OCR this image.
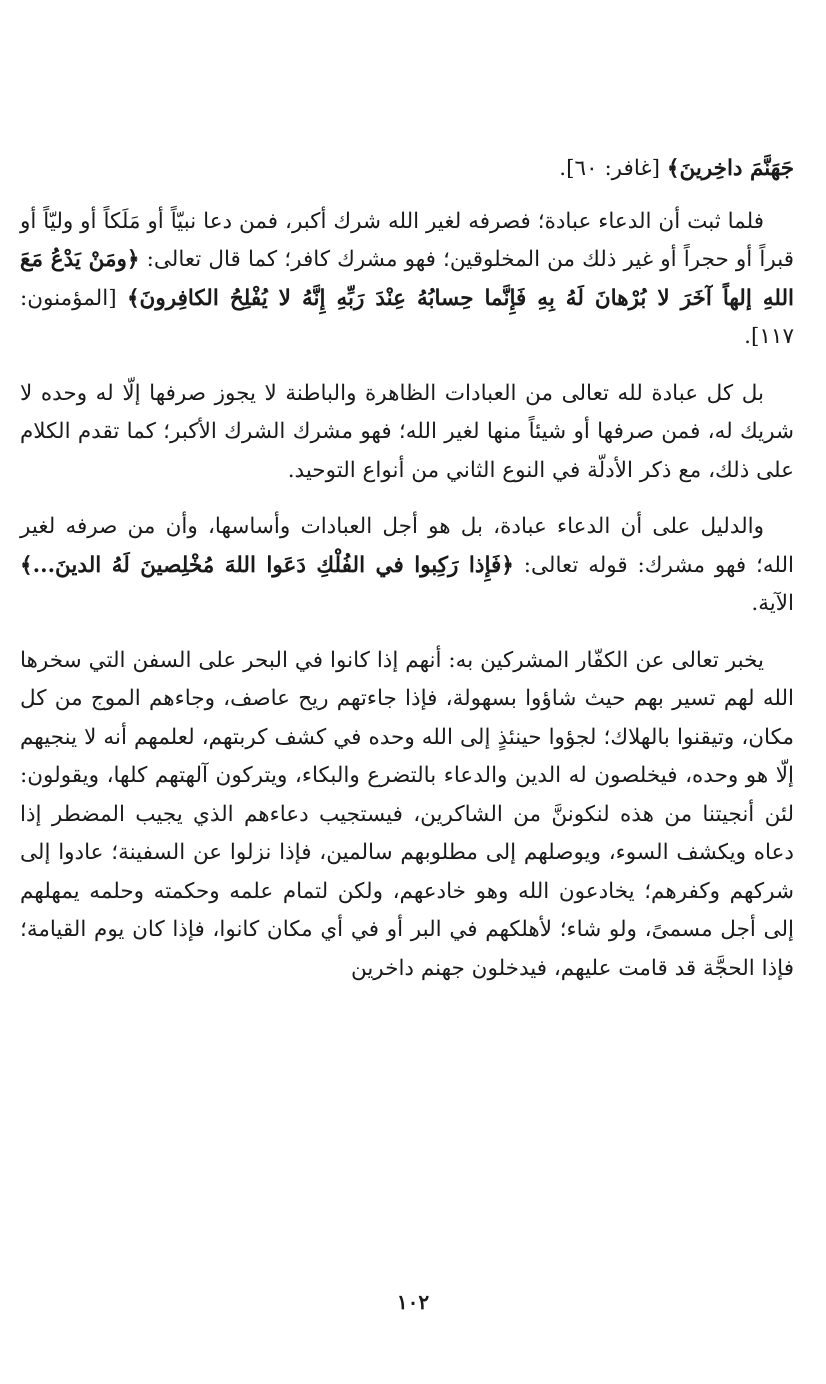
جَهَنَّمَ داخِرينَ﴾ [غافر: ٦٠].

فلما ثبت أن الدعاء عبادة؛ فصرفه لغير الله شرك أكبر، فمن دعا نبيّاً أو مَلَكاً أو وليّاً أو قبراً أو حجراً أو غير ذلك من المخلوقين؛ فهو مشرك كافر؛ كما قال تعالى: ﴿ومَنْ يَدْعُ مَعَ اللهِ إلهاً آخَرَ لا بُرْهانَ لَهُ بِهِ فَإِنَّما حِسابُهُ عِنْدَ رَبِّهِ إِنَّهُ لا يُفْلِحُ الكافِرونَ﴾ [المؤمنون: ١١٧].

بل كل عبادة لله تعالى من العبادات الظاهرة والباطنة لا يجوز صرفها إلّا له وحده لا شريك له، فمن صرفها أو شيئاً منها لغير الله؛ فهو مشرك الشرك الأكبر؛ كما تقدم الكلام على ذلك، مع ذكر الأدلّة في النوع الثاني من أنواع التوحيد.

والدليل على أن الدعاء عبادة، بل هو أجل العبادات وأساسها، وأن من صرفه لغير الله؛ فهو مشرك: قوله تعالى: ﴿فَإِذا رَكِبوا في الفُلْكِ دَعَوا اللهَ مُخْلِصينَ لَهُ الدينَ...﴾ الآية.

يخبر تعالى عن الكفّار المشركين به: أنهم إذا كانوا في البحر على السفن التي سخرها الله لهم تسير بهم حيث شاؤوا بسهولة، فإذا جاءتهم ريح عاصف، وجاءهم الموج من كل مكان، وتيقنوا بالهلاك؛ لجؤوا حينئذٍ إلى الله وحده في كشف كربتهم، لعلمهم أنه لا ينجيهم إلّا هو وحده، فيخلصون له الدين والدعاء بالتضرع والبكاء، ويتركون آلهتهم كلها، ويقولون: لئن أنجيتنا من هذه لنكوننَّ من الشاكرين، فيستجيب دعاءهم الذي يجيب المضطر إذا دعاه ويكشف السوء، ويوصلهم إلى مطلوبهم سالمين، فإذا نزلوا عن السفينة؛ عادوا إلى شركهم وكفرهم؛ يخادعون الله وهو خادعهم، ولكن لتمام علمه وحكمته وحلمه يمهلهم إلى أجل مسمىً، ولو شاء؛ لأهلكهم في البر أو في أي مكان كانوا، فإذا كان يوم القيامة؛ فإذا الحجَّة قد قامت عليهم، فيدخلون جهنم داخرين

١٠٢
